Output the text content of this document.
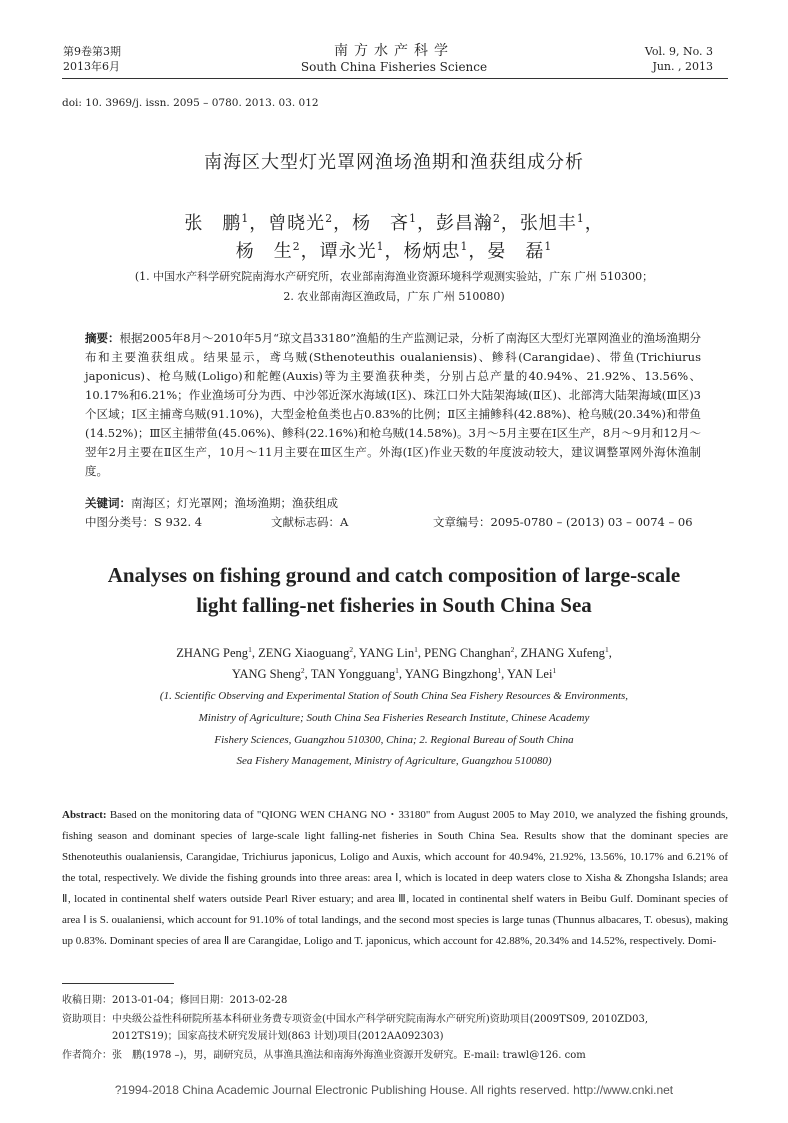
第9卷第3期
2013年6月
南方水产科学
South China Fisheries Science
Vol. 9, No. 3
Jun. , 2013
doi: 10. 3969/j. issn. 2095 – 0780. 2013. 03. 012
南海区大型灯光罩网渔场渔期和渔获组成分析
张　鹏$^1$，曾晓光$^2$，杨　吝$^1$，彭昌瀚$^2$，张旭丰$^1$，
杨　生$^2$，谭永光$^1$，杨炳忠$^1$，晏　磊$^1$
(1. 中国水产科学研究院南海水产研究所，农业部南海渔业资源环境科学观测实验站，广东 广州 510300；
2. 农业部南海区渔政局，广东 广州 510080)
摘要：根据2005年8月～2010年5月“琼文昌33180”渔船的生产监测记录，分析了南海区大型灯光罩网渔业的渔场渔期分布和主要渔获组成。结果显示，鸢乌贼(Sthenoteuthis oualaniensis)、鲹科(Carangidae)、带鱼(Trichiurus japonicus)、枪乌贼(Loligo)和舵鲣(Auxis)等为主要渔获种类，分别占总产量的40.94%、21.92%、13.56%、10.17%和6.21%；作业渔场可分为西、中沙邻近深水海域(Ⅰ区)、珠江口外大陆架海域(Ⅱ区)、北部湾大陆架海域(Ⅲ区)3个区域；Ⅰ区主捕鸢乌贼(91.10%)，大型金枪鱼类也占0.83%的比例；Ⅱ区主捕鲹科(42.88%)、枪乌贼(20.34%)和带鱼(14.52%)；Ⅲ区主捕带鱼(45.06%)、鲹科(22.16%)和枪乌贼(14.58%)。3月～5月主要在Ⅰ区生产，8月～9月和12月～翌年2月主要在Ⅱ区生产，10月～11月主要在Ⅲ区生产。外海(Ⅰ区)作业天数的年度波动较大，建议调整罩网外海休渔制度。
关键词：南海区；灯光罩网；渔场渔期；渔获组成
中图分类号：S 932. 4	文献标志码：A	文章编号：2095-0780 – (2013) 03 – 0074 – 06
Analyses on fishing ground and catch composition of large-scale
light falling-net fisheries in South China Sea
ZHANG Peng$^1$, ZENG Xiaoguang$^2$, YANG Lin$^1$, PENG Changhan$^2$, ZHANG Xufeng$^1$,
YANG Sheng$^2$, TAN Yongguang$^1$, YANG Bingzhong$^1$, YAN Lei$^1$
(1. Scientific Observing and Experimental Station of South China Sea Fishery Resources & Environments,
Ministry of Agriculture; South China Sea Fisheries Research Institute, Chinese Academy
Fishery Sciences, Guangzhou 510300, China; 2. Regional Bureau of South China
Sea Fishery Management, Ministry of Agriculture, Guangzhou 510080)
Abstract: Based on the monitoring data of "QIONG WEN CHANG NO・33180" from August 2005 to May 2010, we analyzed the fishing grounds, fishing season and dominant species of large-scale light falling-net fisheries in South China Sea. Results show that the dominant species are Sthenoteuthis oualaniensis, Carangidae, Trichiurus japonicus, Loligo and Auxis, which account for 40.94%, 21.92%, 13.56%, 10.17% and 6.21% of the total, respectively. We divide the fishing grounds into three areas: area Ⅰ, which is located in deep waters close to Xisha & Zhongsha Islands; area Ⅱ, located in continental shelf waters outside Pearl River estuary; and area Ⅲ, located in continental shelf waters in Beibu Gulf. Dominant species of area Ⅰ is S. oualaniensi, which account for 91.10% of total landings, and the second most species is large tunas (Thunnus albacares, T. obesus), making up 0.83%. Dominant species of area Ⅱ are Carangidae, Loligo and T. japonicus, which account for 42.88%, 20.34% and 14.52%, respectively. Domi-
收稿日期：2013-01-04；修回日期：2013-02-28
资助项目：中央级公益性科研院所基本科研业务费专项资金(中国水产科学研究院南海水产研究所)资助项目(2009TS09, 2010ZD03,
　　　　　2012TS19)；国家高技术研究发展计划(863 计划)项目(2012AA092303)
作者简介：张　鹏(1978 –)，男，副研究员，从事渔具渔法和南海外海渔业资源开发研究。E-mail: trawl@126. com
?1994-2018 China Academic Journal Electronic Publishing House. All rights reserved. http://www.cnki.net
